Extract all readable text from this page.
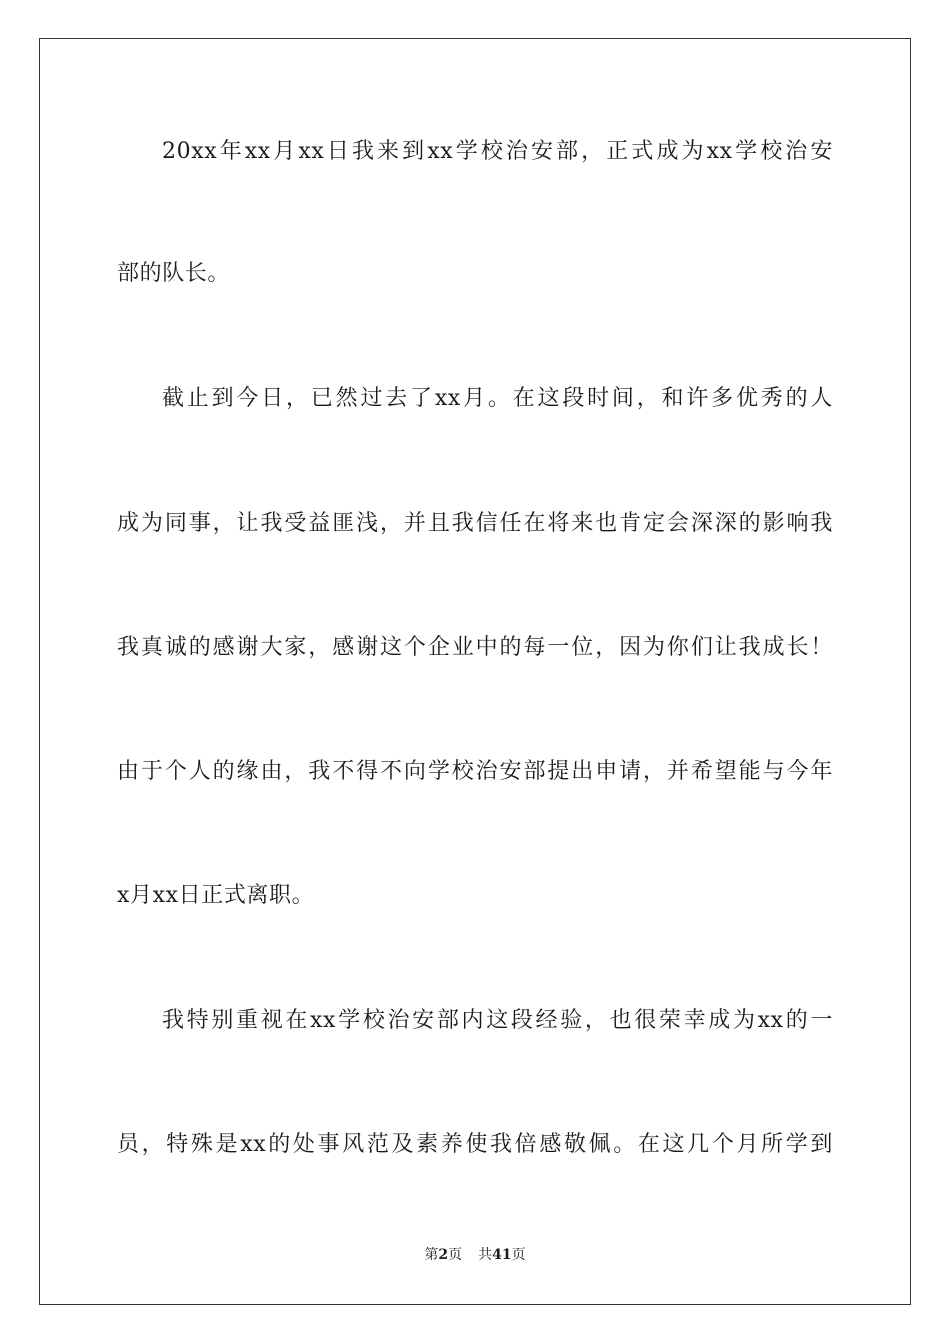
20xx年xx月xx日我来到xx学校治安部，正式成为xx学校治安
部的队长。
截止到今日，已然过去了xx月。在这段时间，和许多优秀的人
成为同事，让我受益匪浅，并且我信任在将来也肯定会深深的影响我
我真诚的感谢大家，感谢这个企业中的每一位，因为你们让我成长！
由于个人的缘由，我不得不向学校治安部提出申请，并希望能与今年
x月xx日正式离职。
我特别重视在xx学校治安部内这段经验，也很荣幸成为xx的一
员，特殊是xx的处事风范及素养使我倍感敬佩。在这几个月所学到
第2页 共41页
